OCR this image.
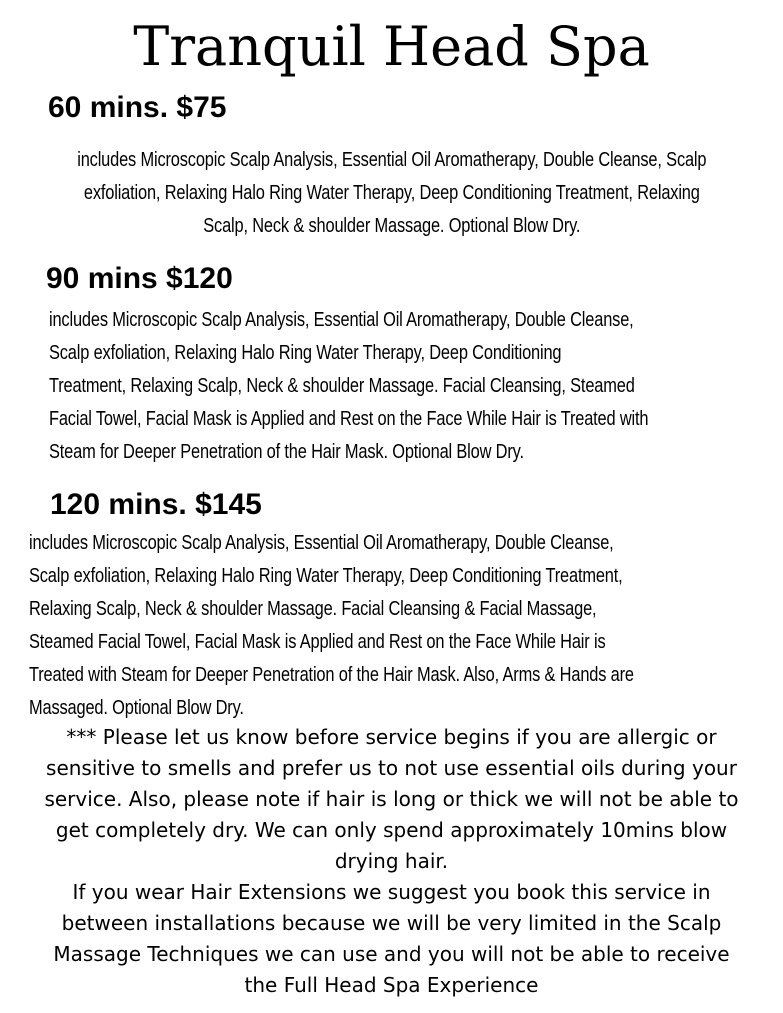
Tranquil Head Spa
60 mins. $75
includes Microscopic Scalp Analysis, Essential Oil Aromatherapy, Double Cleanse, Scalp
exfoliation, Relaxing Halo Ring Water Therapy, Deep Conditioning Treatment, Relaxing
Scalp, Neck & shoulder Massage. Optional Blow Dry.
90 mins $120
includes Microscopic Scalp Analysis, Essential Oil Aromatherapy, Double Cleanse,
Scalp exfoliation, Relaxing Halo Ring Water Therapy, Deep Conditioning
Treatment, Relaxing Scalp, Neck & shoulder Massage. Facial Cleansing, Steamed
Facial Towel, Facial Mask is Applied and Rest on the Face While Hair is Treated with
Steam for Deeper Penetration of the Hair Mask. Optional Blow Dry.
120 mins. $145
includes Microscopic Scalp Analysis, Essential Oil Aromatherapy, Double Cleanse,
Scalp exfoliation, Relaxing Halo Ring Water Therapy, Deep Conditioning Treatment,
Relaxing Scalp, Neck & shoulder Massage. Facial Cleansing & Facial Massage,
Steamed Facial Towel, Facial Mask is Applied and Rest on the Face While Hair is
Treated with Steam for Deeper Penetration of the Hair Mask. Also, Arms & Hands are
Massaged. Optional Blow Dry.
*** Please let us know before service begins if you are allergic or
sensitive to smells and prefer us to not use essential oils during your
service. Also, please note if hair is long or thick we will not be able to
get completely dry. We can only spend approximately 10mins blow
drying hair.
If you wear Hair Extensions we suggest you book this service in
between installations because we will be very limited in the Scalp
Massage Techniques we can use and you will not be able to receive
the Full Head Spa Experience
